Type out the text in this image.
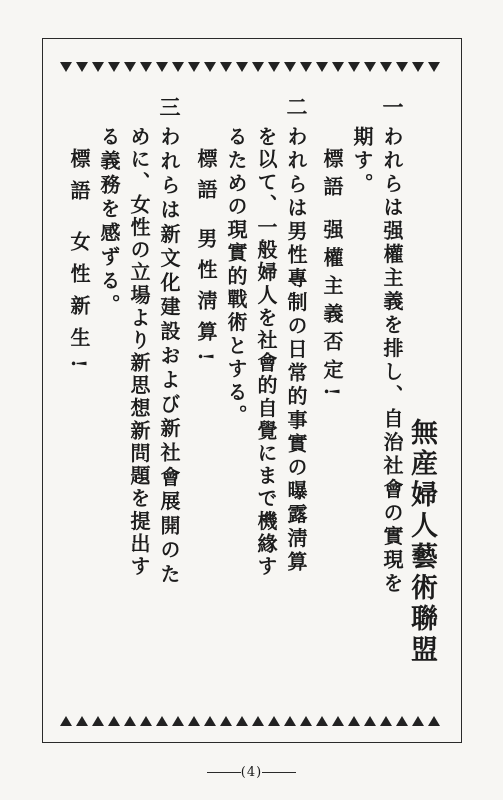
無産婦人藝術聯盟
一
われらは强權主義を排し、自治社會の實現を
期す。
標語 强權主義否定!
二
われらは男性專制の日常的事實の曝露淸算
を以て、一般婦人を社會的自覺にまで機緣す
るための現實的戰術とする。
標語 男性淸算!
三
われらは新文化建設および新社會展開のた
めに、女性の立場より新思想新問題を提出す
る義務を感ずる。
標語 女性新生!
(4)
